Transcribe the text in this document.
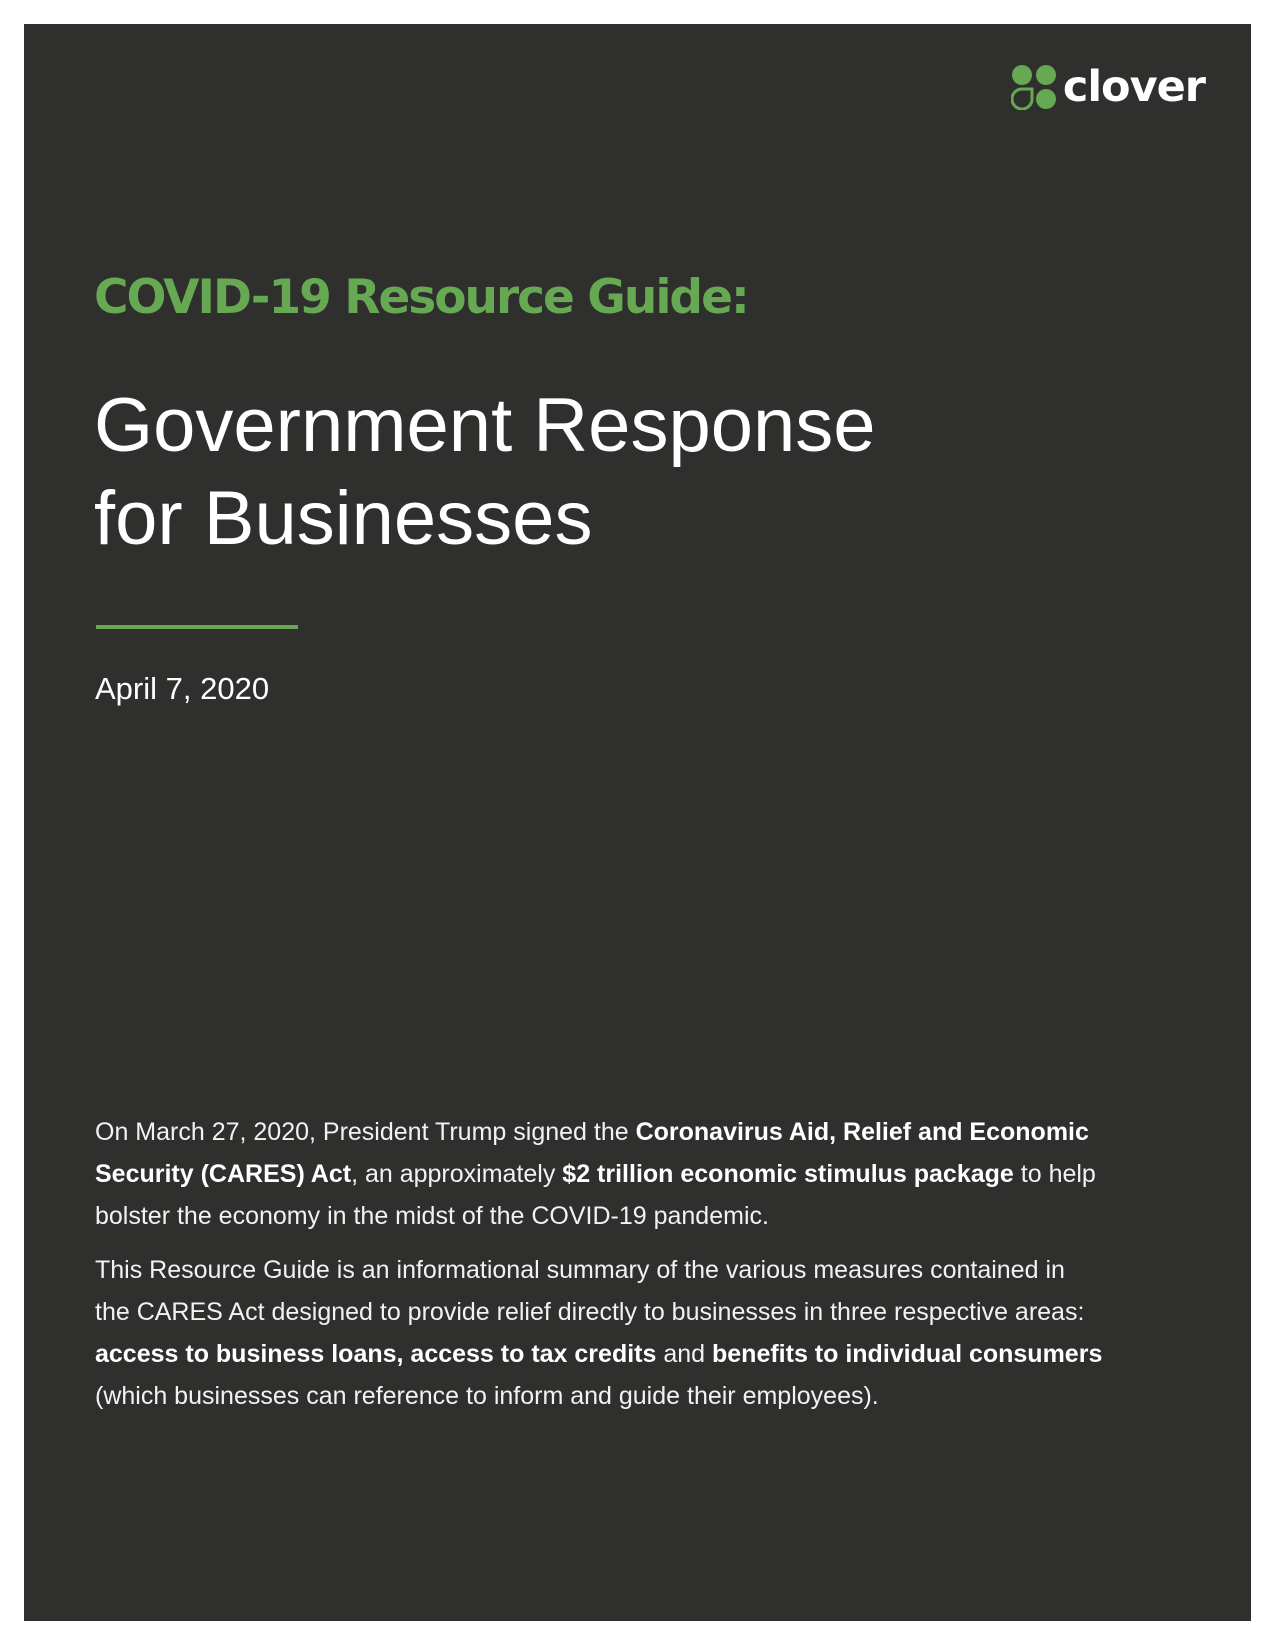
clover
COVID-19 Resource Guide:
Government Response
for Businesses

April 7, 2020

On March 27, 2020, President Trump signed the Coronavirus Aid, Relief and Economic
Security (CARES) Act, an approximately $2 trillion economic stimulus package to help
bolster the economy in the midst of the COVID-19 pandemic.

This Resource Guide is an informational summary of the various measures contained in
the CARES Act designed to provide relief directly to businesses in three respective areas:
access to business loans, access to tax credits and benefits to individual consumers
(which businesses can reference to inform and guide their employees).
